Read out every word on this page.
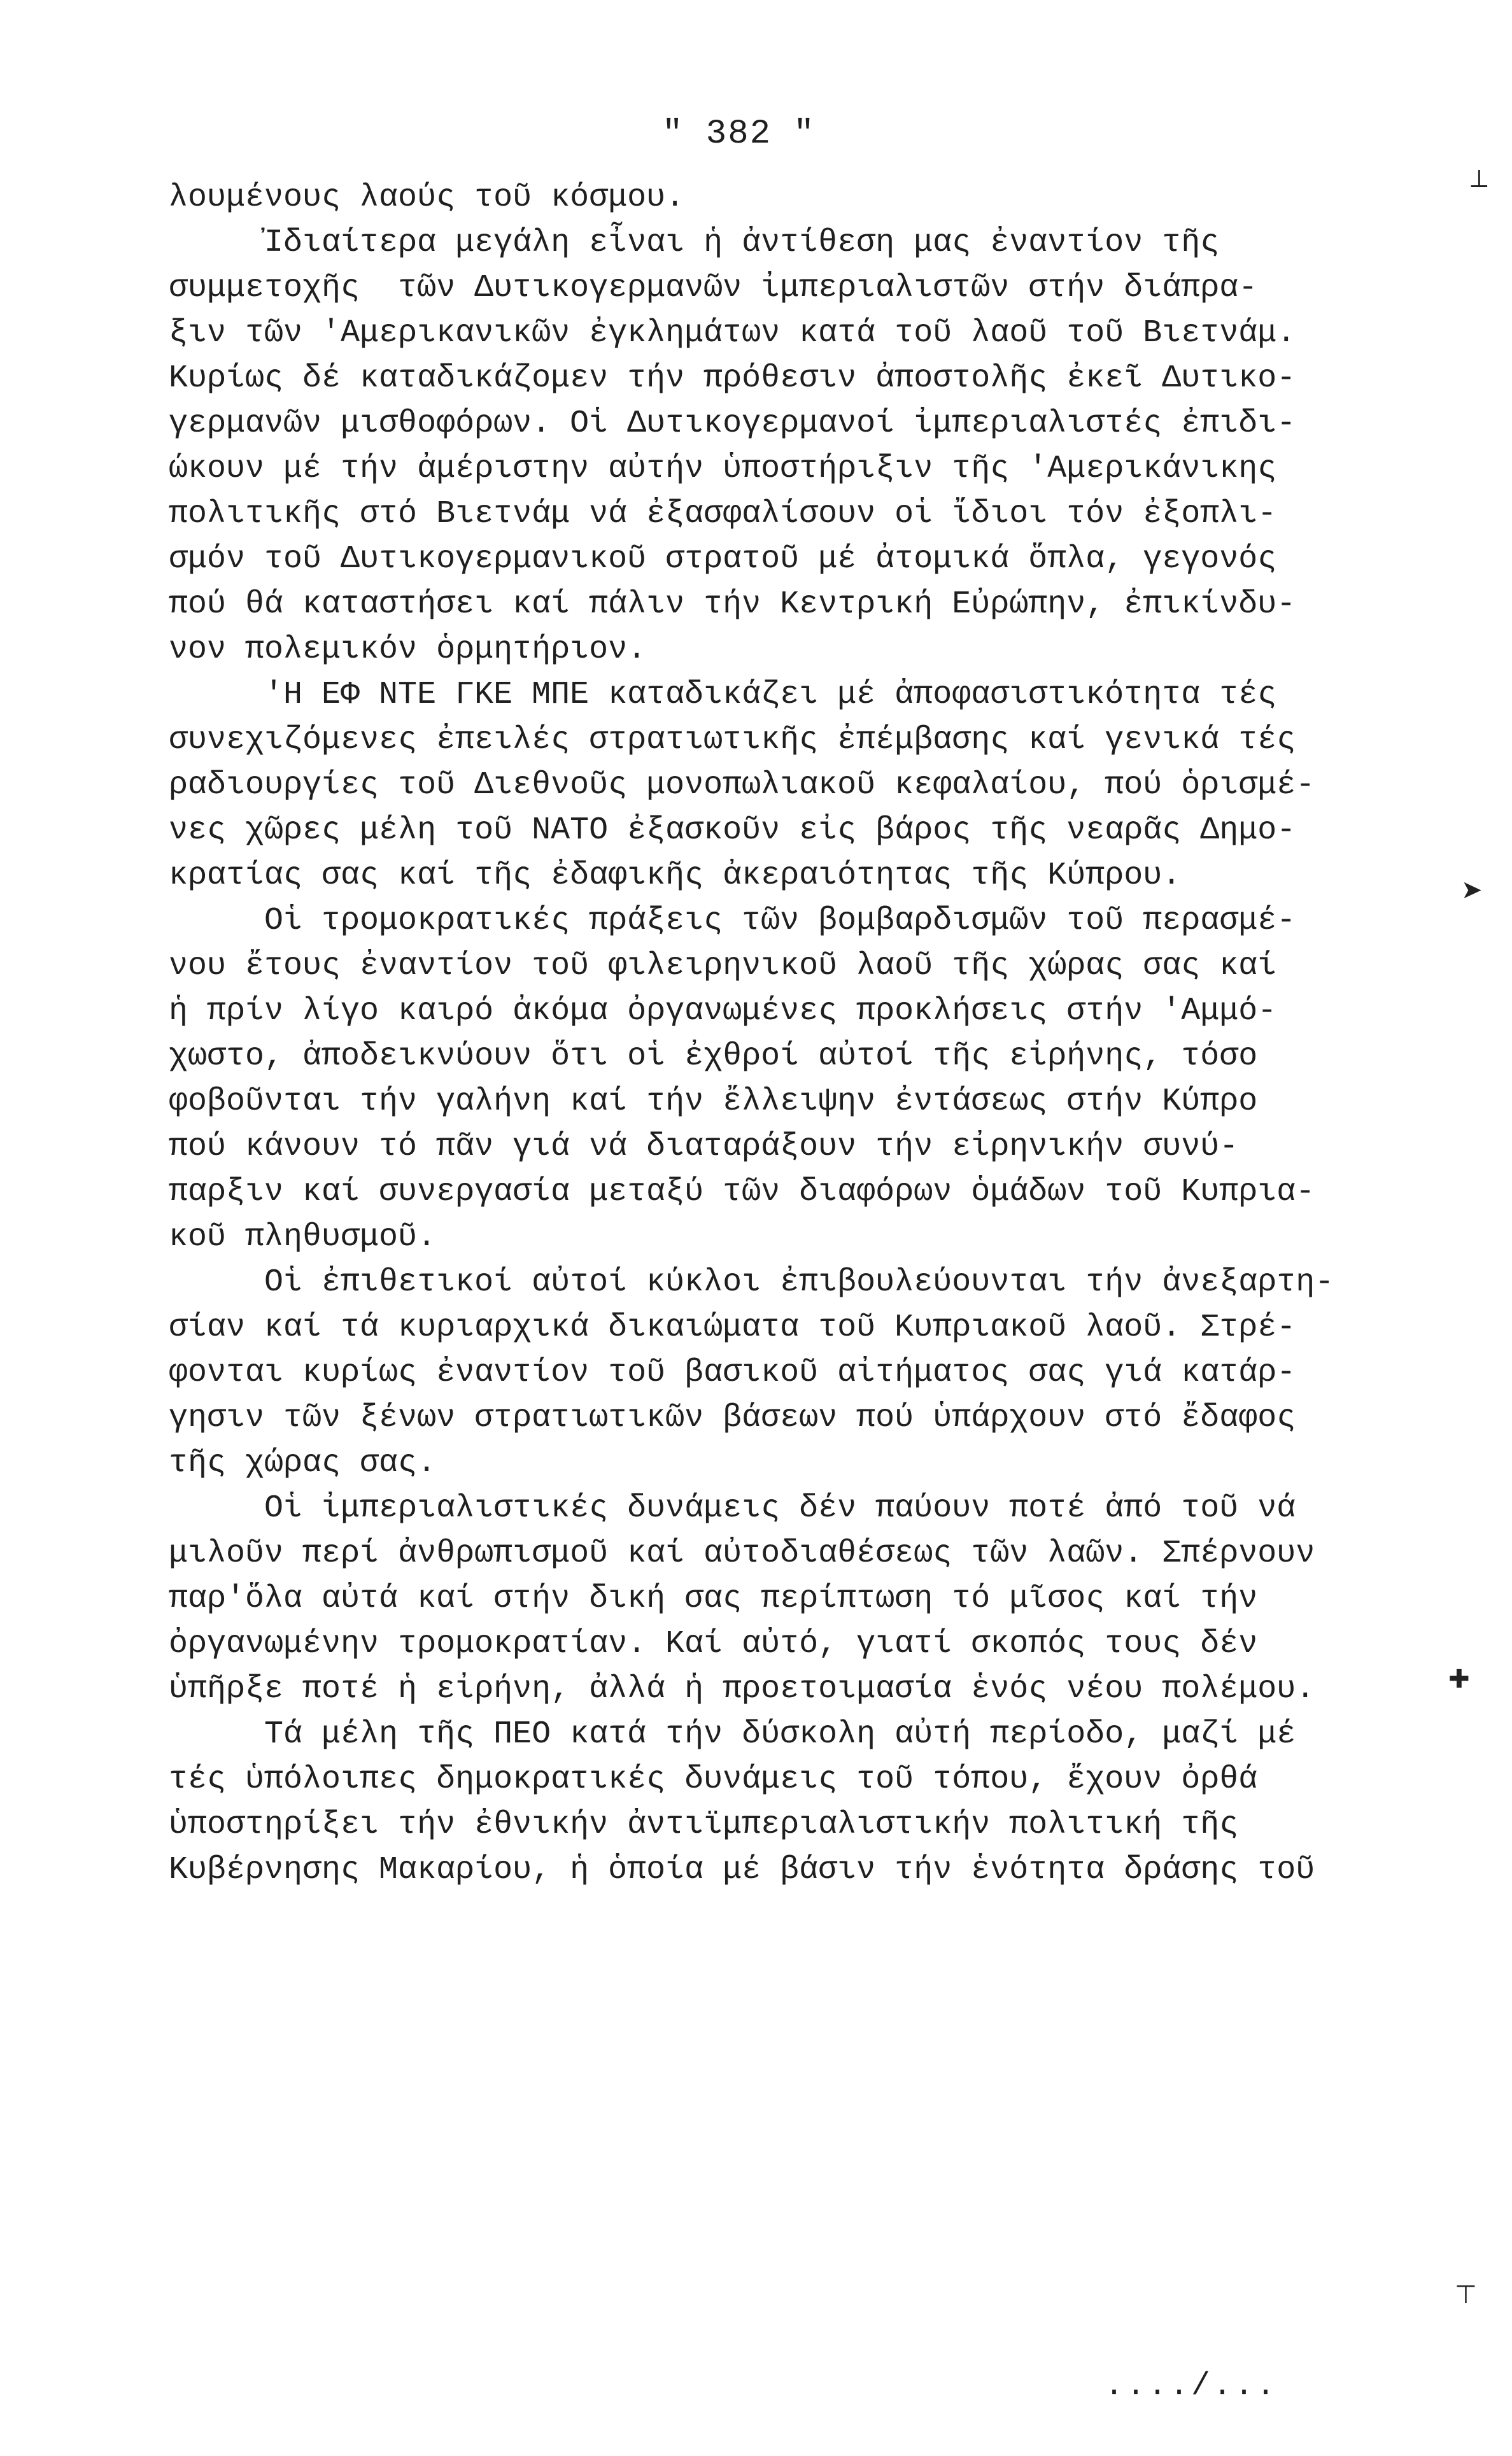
" 382 "
λουμένους λαούς τοῦ κόσμου.
Ἰδιαίτερα μεγάλη εἶναι ἡ ἀντίθεση μας ἐναντίον τῆς
συμμετοχῆς  τῶν Δυτικογερμανῶν ἰμπεριαλιστῶν στήν διάπρα-
ξιν τῶν 'Αμερικανικῶν ἐγκλημάτων κατά τοῦ λαοῦ τοῦ Βιετνάμ.
Κυρίως δέ καταδικάζομεν τήν πρόθεσιν ἀποστολῆς ἐκεῖ Δυτικο-
γερμανῶν μισθοφόρων. Οἱ Δυτικογερμανοί ἰμπεριαλιστές ἐπιδι-
ώκουν μέ τήν ἀμέριστην αὐτήν ὑποστήριξιν τῆς 'Αμερικάνικης
πολιτικῆς στό Βιετνάμ νά ἐξασφαλίσουν οἱ ἴδιοι τόν ἐξοπλι-
σμόν τοῦ Δυτικογερμανικοῦ στρατοῦ μέ ἀτομικά ὅπλα, γεγονός
πού θά καταστήσει καί πάλιν τήν Κεντρική Εὐρώπην, ἐπικίνδυ-
νον πολεμικόν ὁρμητήριον.
'Η ΕΦ ΝΤΕ ΓΚΕ ΜΠΕ καταδικάζει μέ ἀποφασιστικότητα τές
συνεχιζόμενες ἐπειλές στρατιωτικῆς ἐπέμβασης καί γενικά τές
ραδιουργίες τοῦ Διεθνοῦς μονοπωλιακοῦ κεφαλαίου, πού ὁρισμέ-
νες χῶρες μέλη τοῦ ΝΑΤΟ ἐξασκοῦν εἰς βάρος τῆς νεαρᾶς Δημο-
κρατίας σας καί τῆς ἐδαφικῆς ἀκεραιότητας τῆς Κύπρου.
Οἱ τρομοκρατικές πράξεις τῶν βομβαρδισμῶν τοῦ περασμέ-
νου ἔτους ἐναντίον τοῦ φιλειρηνικοῦ λαοῦ τῆς χώρας σας καί
ἡ πρίν λίγο καιρό ἀκόμα ὀργανωμένες προκλήσεις στήν 'Αμμό-
χωστο, ἀποδεικνύουν ὅτι οἱ ἐχθροί αὐτοί τῆς εἰρήνης, τόσο
φοβοῦνται τήν γαλήνη καί τήν ἔλλειψην ἐντάσεως στήν Κύπρο
πού κάνουν τό πᾶν γιά νά διαταράξουν τήν εἰρηνικήν συνύ-
παρξιν καί συνεργασία μεταξύ τῶν διαφόρων ὁμάδων τοῦ Κυπρια-
κοῦ πληθυσμοῦ.
Οἱ ἐπιθετικοί αὐτοί κύκλοι ἐπιβουλεύουνται τήν ἀνεξαρτη-
σίαν καί τά κυριαρχικά δικαιώματα τοῦ Κυπριακοῦ λαοῦ. Στρέ-
φονται κυρίως ἐναντίον τοῦ βασικοῦ αἰτήματος σας γιά κατάρ-
γησιν τῶν ξένων στρατιωτικῶν βάσεων πού ὑπάρχουν στό ἔδαφος
τῆς χώρας σας.
Οἱ ἰμπεριαλιστικές δυνάμεις δέν παύουν ποτέ ἀπό τοῦ νά
μιλοῦν περί ἀνθρωπισμοῦ καί αὐτοδιαθέσεως τῶν λαῶν. Σπέρνουν
παρ'ὅλα αὐτά καί στήν δική σας περίπτωση τό μῖσος καί τήν
ὀργανωμένην τρομοκρατίαν. Καί αὐτό, γιατί σκοπός τους δέν
ὑπῆρξε ποτέ ἡ εἰρήνη, ἀλλά ἡ προετοιμασία ἑνός νέου πολέμου.
Τά μέλη τῆς ΠΕΟ κατά τήν δύσκολη αὐτή περίοδο, μαζί μέ
τές ὑπόλοιπες δημοκρατικές δυνάμεις τοῦ τόπου, ἔχουν ὀρθά
ὑποστηρίξει τήν ἐθνικήν ἀντιϊμπεριαλιστικήν πολιτική τῆς
Κυβέρνησης Μακαρίου, ἡ ὁποία μέ βάσιν τήν ἑνότητα δράσης τοῦ
..../...
⟂
➤
✚
⊤
